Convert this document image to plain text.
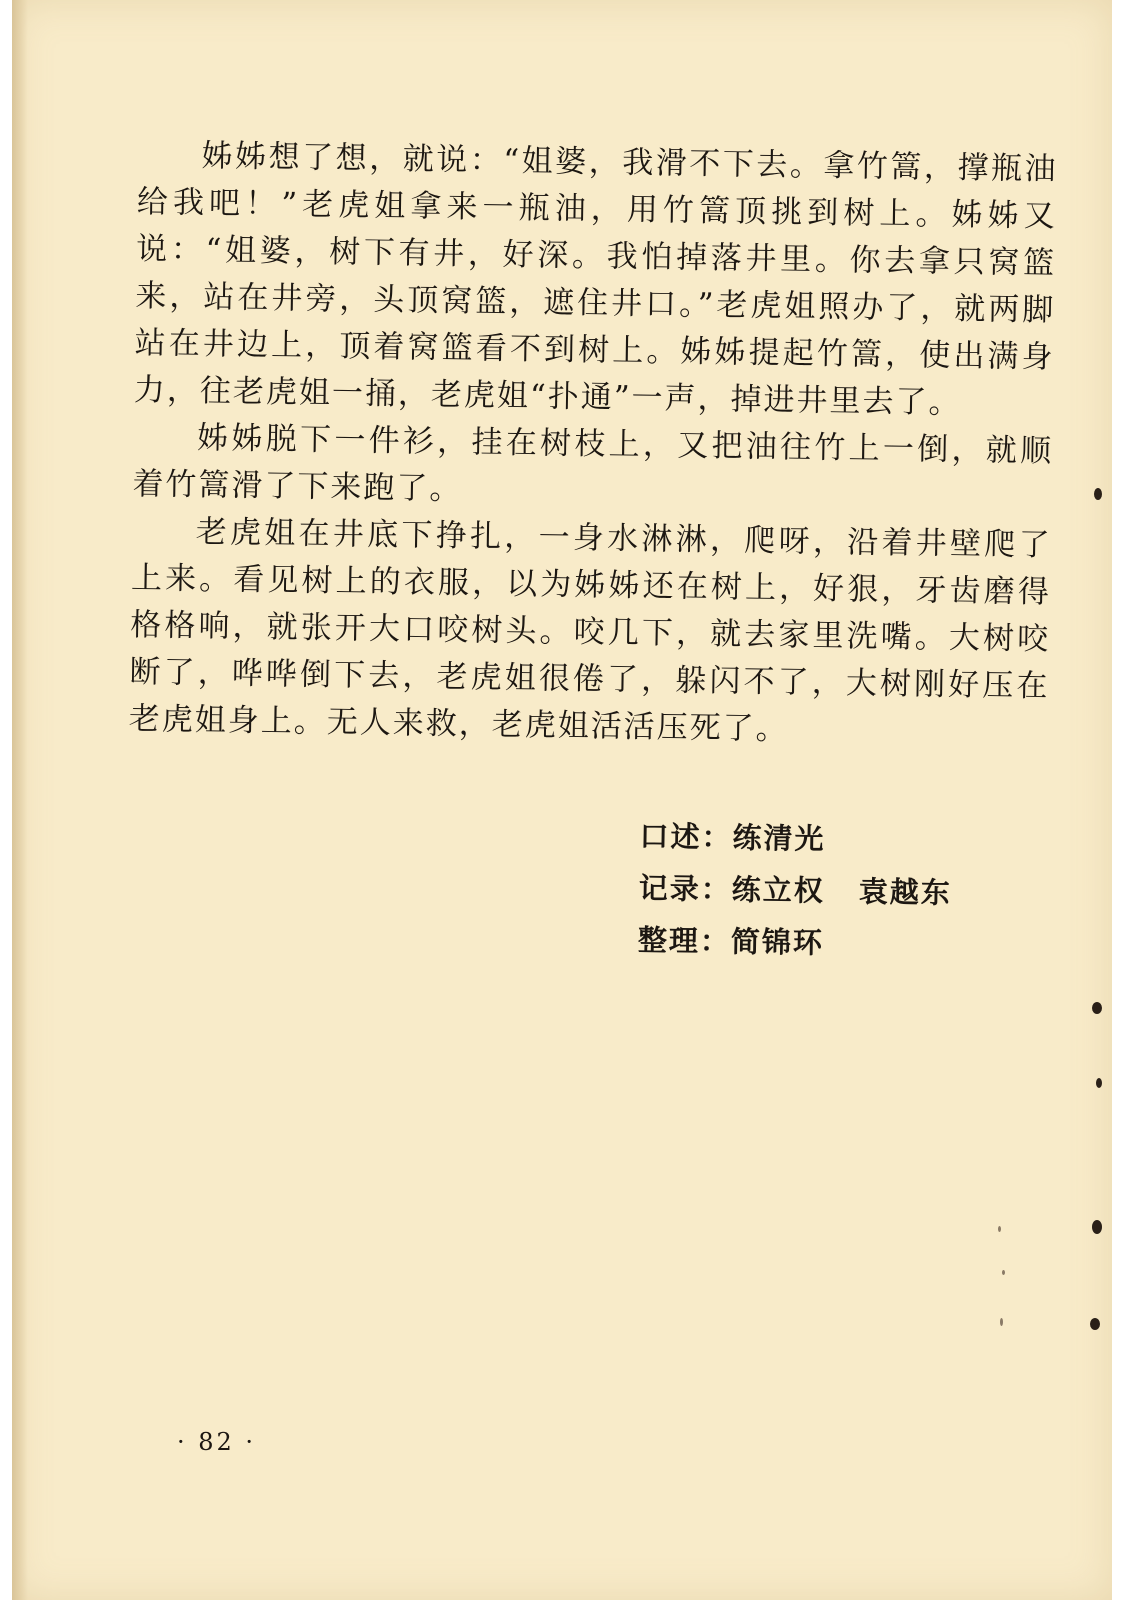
姊姊想了想，就说：“姐婆，我滑不下去。拿竹篙，撑瓶油给我吧！”老虎姐拿来一瓶油，用竹篙顶挑到树上。姊姊又说：“姐婆，树下有井，好深。我怕掉落井里。你去拿只窝篮来，站在井旁，头顶窝篮，遮住井口。”老虎姐照办了，就两脚站在井边上，顶着窝篮看不到树上。姊姊提起竹篙，使出满身力，往老虎姐一捅，老虎姐“扑通”一声，掉进井里去了。

姊姊脱下一件衫，挂在树枝上，又把油往竹上一倒，就顺着竹篙滑了下来跑了。

老虎姐在井底下挣扎，一身水淋淋，爬呀，沿着井壁爬了上来。看见树上的衣服，以为姊姊还在树上，好狠，牙齿磨得格格响，就张开大口咬树头。咬几下，就去家里洗嘴。大树咬断了，哗哗倒下去，老虎姐很倦了，躲闪不了，大树刚好压在老虎姐身上。无人来救，老虎姐活活压死了。

口述：练清光
记录：练立权 袁越东
整理：简锦环
· 82 ·
